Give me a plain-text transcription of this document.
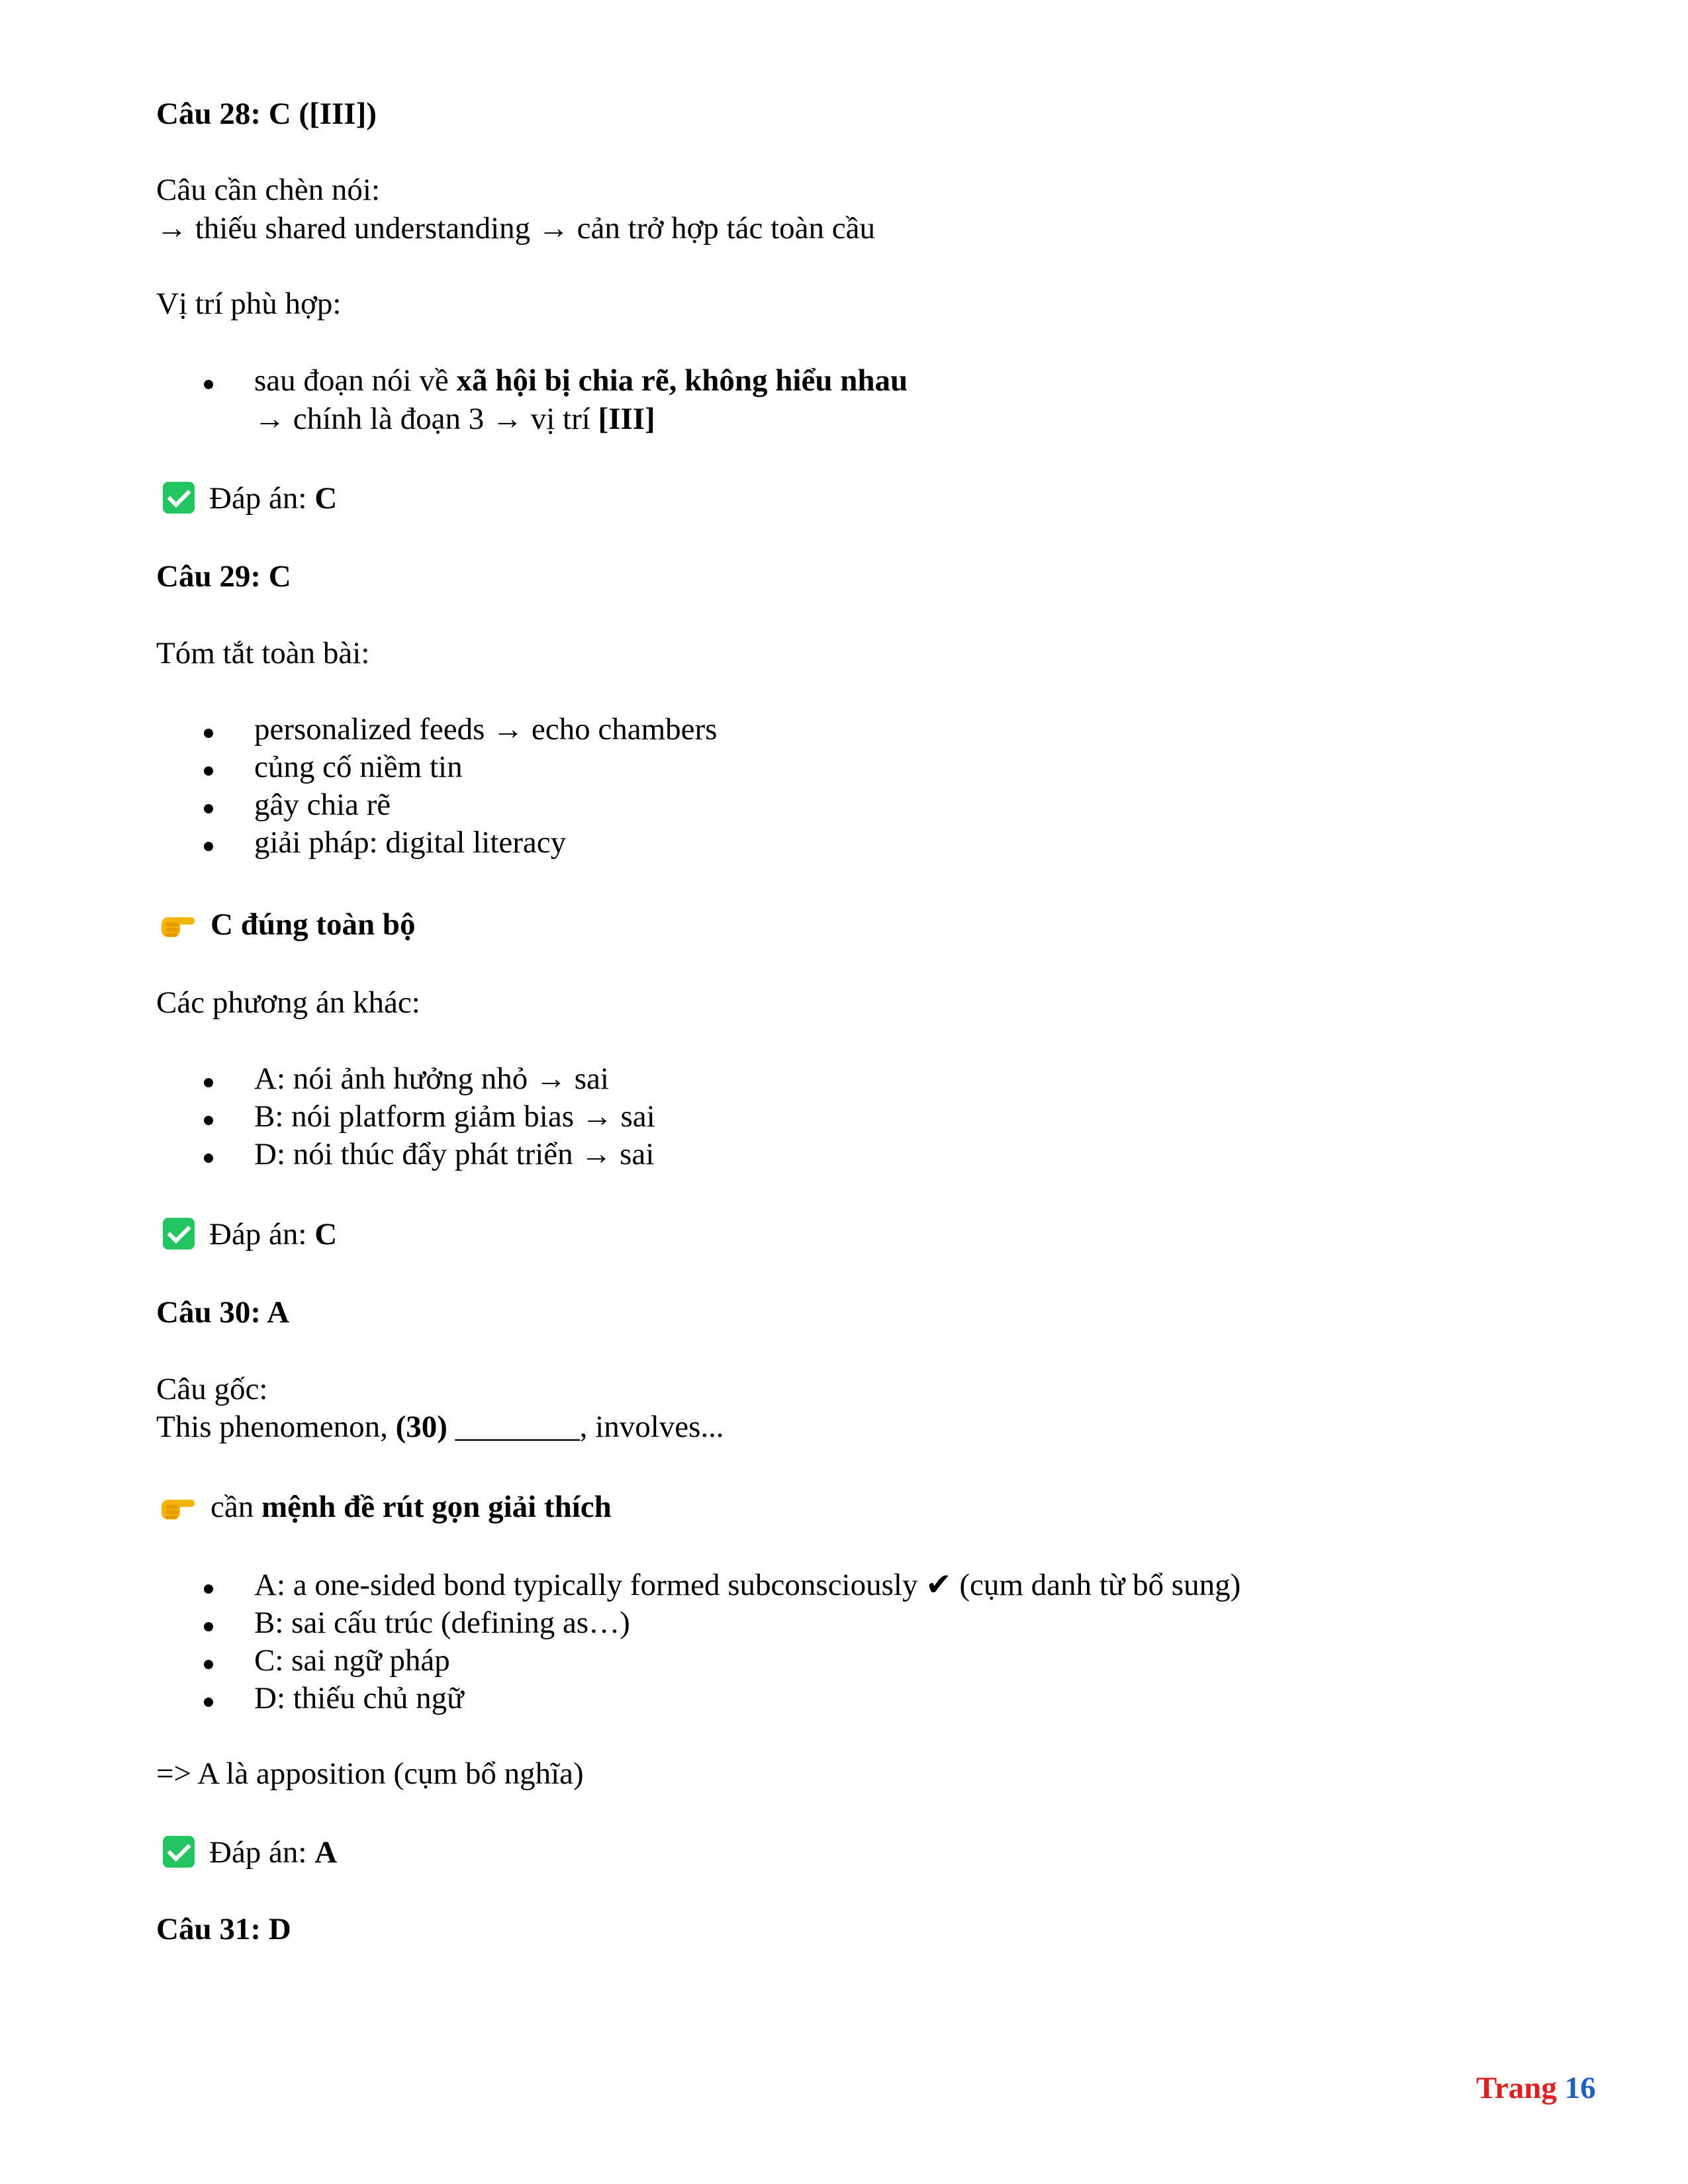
Câu 28: C ([III])
Câu cần chèn nói:
→ thiếu shared understanding → cản trở hợp tác toàn cầu
Vị trí phù hợp:
sau đoạn nói về xã hội bị chia rẽ, không hiểu nhau
→ chính là đoạn 3 → vị trí [III]
Đáp án: C
Câu 29: C
Tóm tắt toàn bài:
personalized feeds → echo chambers
củng cố niềm tin
gây chia rẽ
giải pháp: digital literacy
C đúng toàn bộ
Các phương án khác:
A: nói ảnh hưởng nhỏ → sai
B: nói platform giảm bias → sai
D: nói thúc đẩy phát triển → sai
Đáp án: C
Câu 30: A
Câu gốc:
This phenomenon, (30) ________, involves...
cần mệnh đề rút gọn giải thích
A: a one-sided bond typically formed subconsciously ✔ (cụm danh từ bổ sung)
B: sai cấu trúc (defining as…)
C: sai ngữ pháp
D: thiếu chủ ngữ
=> A là apposition (cụm bổ nghĩa)
Đáp án: A
Câu 31: D
Trang 16
